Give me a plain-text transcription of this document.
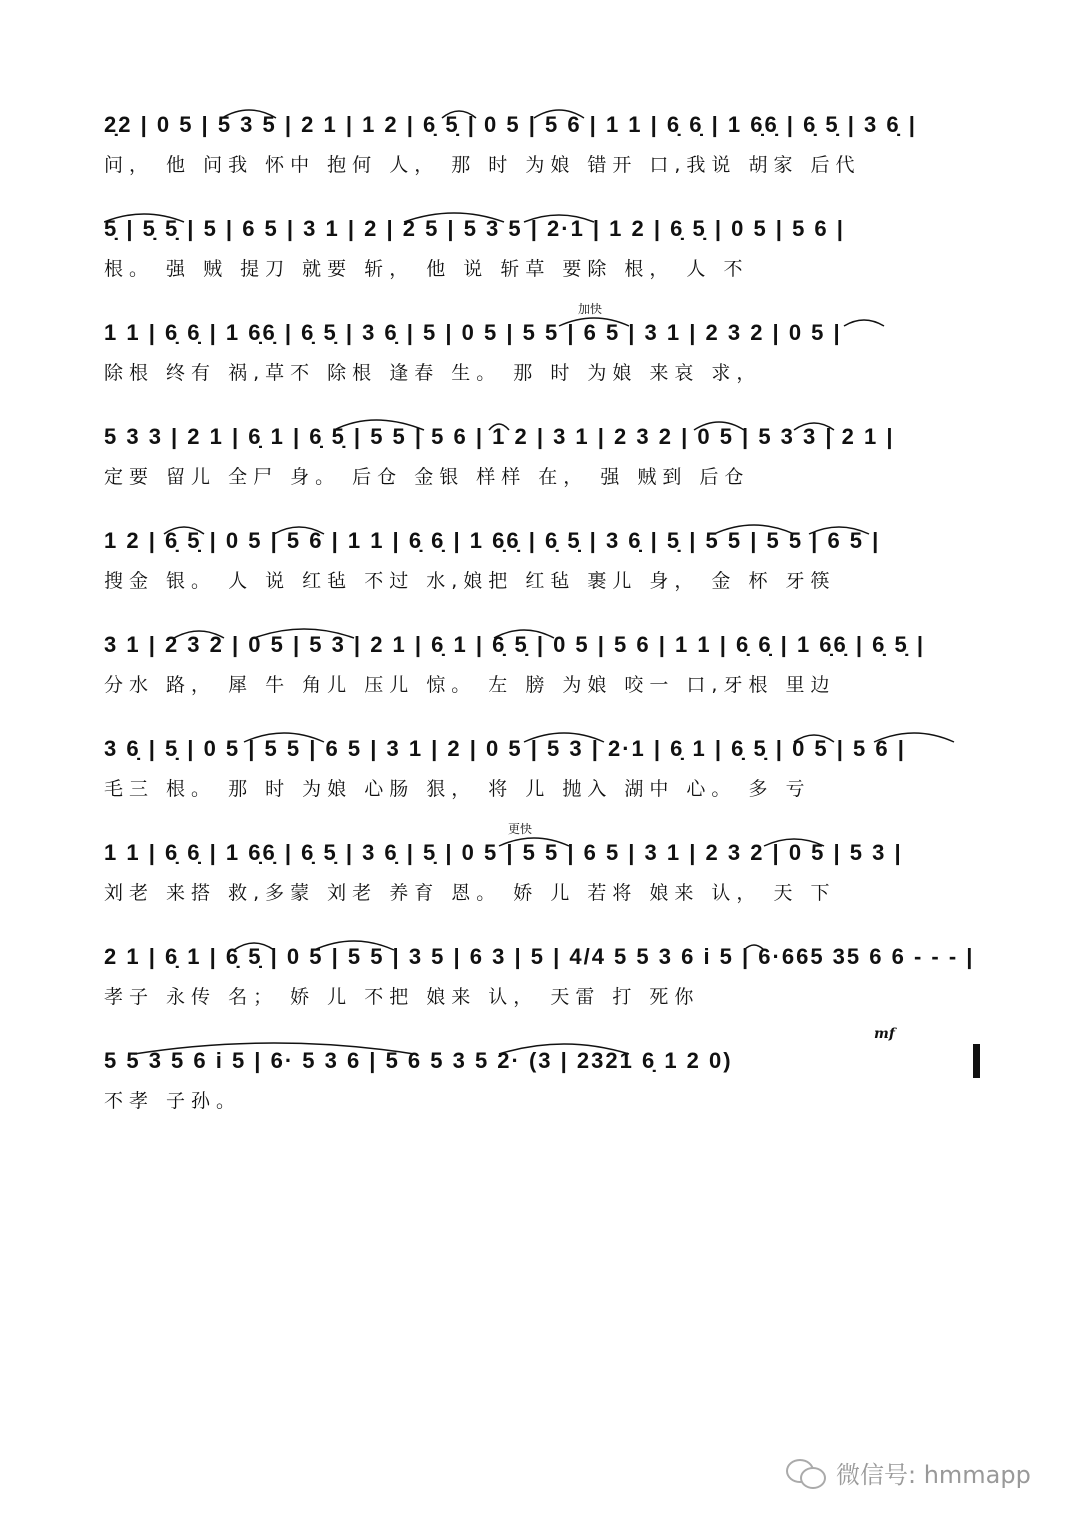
2̣2 | 0 5 | 5 3 5 | 2 1 | 1 2 | 6̣ 5̣ | 0 5 | 5 6 | 1 1 | 6̣ 6̣ | 1 6̣6̣ | 6̣ 5̣ | 3 6̣ |
问， 他 问我 怀中 抱何 人， 那 时 为娘 错开 口,我说 胡家 后代
5̣ | 5̣ 5̣ | 5 | 6 5 | 3 1 | 2 | 2 5 | 5 3 5 | 2·1 | 1 2 | 6̣ 5̣ | 0 5 | 5 6 |
根。 强 贼 提刀 就要 斩， 他 说 斩草 要除 根， 人 不
加快
1 1 | 6̣ 6̣ | 1 6̣6̣ | 6̣ 5̣ | 3 6̣ | 5 | 0 5 | 5 5 | 6 5 | 3 1 | 2 3 2 | 0 5 |
除根 终有 祸,草不 除根 逢春 生。 那 时 为娘 来哀 求，
5 3 3 | 2 1 | 6̣ 1 | 6̣ 5̣ | 5 5 | 5 6 | 1 2 | 3 1 | 2 3 2 | 0 5 | 5 3 3 | 2 1 |
定要 留儿 全尸 身。 后仓 金银 样样 在， 强 贼到 后仓
1 2 | 6̣ 5̣ | 0 5 | 5 6 | 1 1 | 6̣ 6̣ | 1 6̣6̣ | 6̣ 5̣ | 3 6̣ | 5̣ | 5 5 | 5 5 | 6 5 |
搜金 银。 人 说 红毡 不过 水,娘把 红毡 裹儿 身， 金 杯 牙筷
3 1 | 2 3 2 | 0 5 | 5 3 | 2 1 | 6̣ 1 | 6̣ 5̣ | 0 5 | 5 6 | 1 1 | 6̣ 6̣ | 1 6̣6̣ | 6̣ 5̣ |
分水 路， 犀 牛 角儿 压儿 惊。 左 膀 为娘 咬一 口,牙根 里边
3 6̣ | 5̣ | 0 5 | 5 5 | 6 5 | 3 1 | 2 | 0 5 | 5 3 | 2·1 | 6̣ 1 | 6̣ 5̣ | 0 5 | 5 6 |
毛三 根。 那 时 为娘 心肠 狠， 将 儿 抛入 湖中 心。 多 亏
更快
1 1 | 6̣ 6̣ | 1 6̣6̣ | 6̣ 5̣ | 3 6̣ | 5̣ | 0 5 | 5 5 | 6 5 | 3 1 | 2 3 2 | 0 5 | 5 3 |
刘老 来搭 救,多蒙 刘老 养育 恩。 娇 儿 若将 娘来 认， 天 下
2 1 | 6̣ 1 | 6̣ 5̣ | 0 5 | 5 5 | 3 5 | 6 3 | 5 | 4/4 5 5 3 6 i 5 | 6·665 35 6 6 - - - |
孝子 永传 名； 娇 儿 不把 娘来 认， 天雷 打 死你
mf
5 5 3 5 6 i 5 | 6· 5 3 6 | 5 6 5 3 5 2· (3 | 2321 6̣ 1 2 0)
不孝 子孙。
微信号: hmmapp
